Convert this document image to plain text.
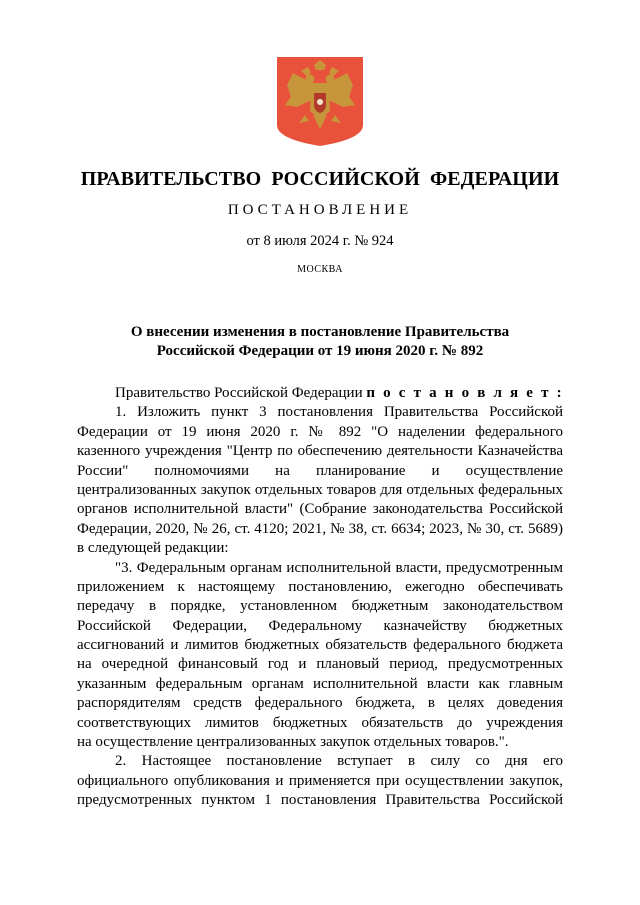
ПРАВИТЕЛЬСТВО РОССИЙСКОЙ ФЕДЕРАЦИИ
ПОСТАНОВЛЕНИЕ
от 8 июля 2024 г. № 924
МОСКВА
О внесении изменения в постановление Правительства
Российской Федерации от 19 июня 2020 г. № 892
Правительство Российской Федерации п о с т а н о в л я е т :
1. Изложить пункт 3 постановления Правительства Российской
Федерации от 19 июня 2020 г. № 892 "О наделении федерального
казенного учреждения "Центр по обеспечению деятельности Казначейства
России" полномочиями на планирование и осуществление
централизованных закупок отдельных товаров для отдельных федеральных
органов исполнительной власти" (Собрание законодательства Российской
Федерации, 2020, № 26, ст. 4120; 2021, № 38, ст. 6634; 2023, № 30, ст. 5689)
в следующей редакции:
"3. Федеральным органам исполнительной власти, предусмотренным
приложением к настоящему постановлению, ежегодно обеспечивать
передачу в порядке, установленном бюджетным законодательством
Российской Федерации, Федеральному казначейству бюджетных
ассигнований и лимитов бюджетных обязательств федерального бюджета
на очередной финансовый год и плановый период, предусмотренных
указанным федеральным органам исполнительной власти как главным
распорядителям средств федерального бюджета, в целях доведения
соответствующих лимитов бюджетных обязательств до учреждения
на осуществление централизованных закупок отдельных товаров.".
2. Настоящее постановление вступает в силу со дня его
официального опубликования и применяется при осуществлении закупок,
предусмотренных пунктом 1 постановления Правительства Российской
